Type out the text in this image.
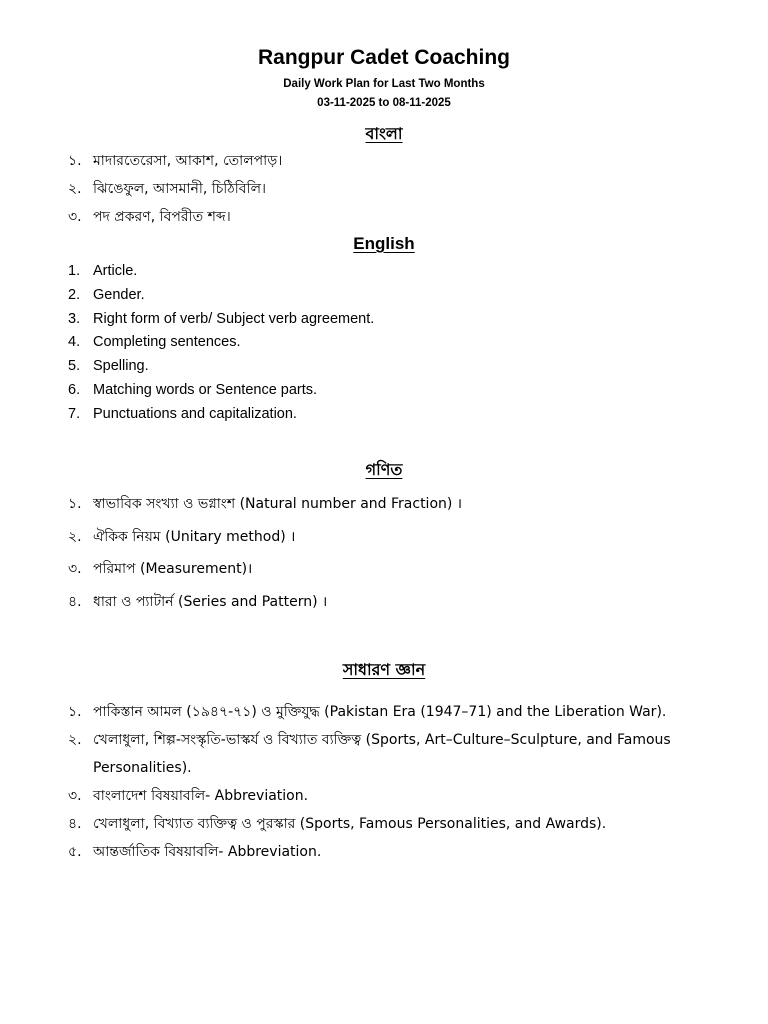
Rangpur Cadet Coaching
Daily Work Plan for Last Two Months
03-11-2025 to 08-11-2025
বাংলা
১. মাদারতেরেসা, আকাশ, তোলপাড়।
২. ঝিঙেফুল, আসমানী, চিঠিবিলি।
৩. পদ প্রকরণ, বিপরীত শব্দ।
English
1. Article.
2. Gender.
3. Right form of verb/ Subject verb agreement.
4. Completing sentences.
5. Spelling.
6. Matching words or Sentence parts.
7. Punctuations and capitalization.
গণিত
১. স্বাভাবিক সংখ্যা ও ভগ্নাংশ (Natural number and Fraction) ।
২. ঐকিক নিয়ম (Unitary method) ।
৩. পরিমাপ (Measurement)।
৪. ধারা ও প্যাটার্ন (Series and Pattern) ।
সাধারণ জ্ঞান
১. পাকিস্তান আমল (১৯৪৭-৭১) ও মুক্তিযুদ্ধ (Pakistan Era (1947–71) and the Liberation War).
২. খেলাধুলা, শিল্প-সংস্কৃতি-ভাস্কর্য ও বিখ্যাত ব্যক্তিত্ব (Sports, Art–Culture–Sculpture, and Famous Personalities).
৩. বাংলাদেশ বিষয়াবলি- Abbreviation.
৪. খেলাধুলা, বিখ্যাত ব্যক্তিত্ব ও পুরস্কার (Sports, Famous Personalities, and Awards).
৫. আন্তর্জাতিক বিষয়াবলি- Abbreviation.
